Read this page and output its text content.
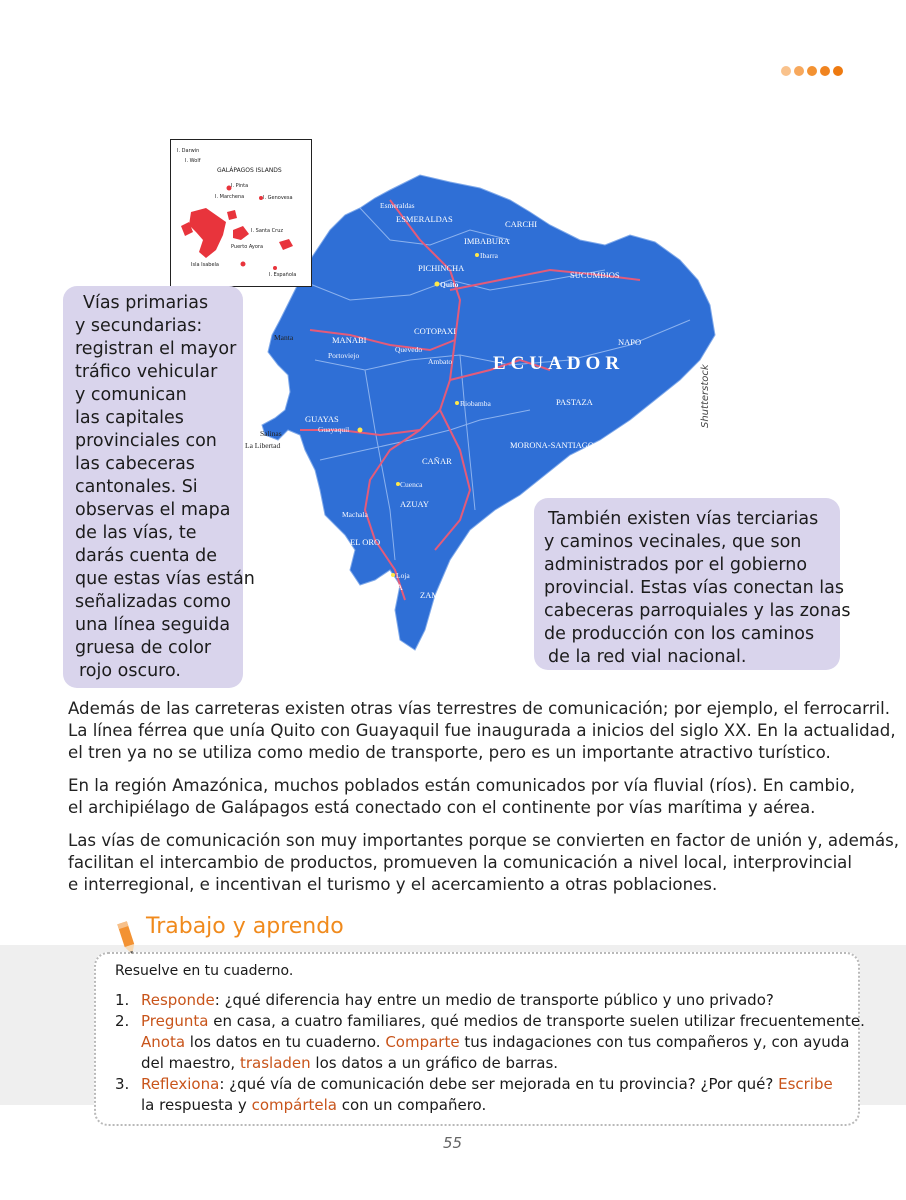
ECUADOR
ESMERALDAS	CARCHI
IMBABURA
PICHINCHA
SUCUMBIOS
MANABI
COTOPAXI
NAPO
PASTAZA
GUAYAS
MORONA-SANTIAGO
CAÑAR
AZUAY
EL ORO
LOJA
ZAMORA CHINCHIPE
Quito
Ibarra
Esmeraldas
Portoviejo
Quevedo
Ambato
Riobamba
Guayaquil
Cuenca
Machala
Loja
Manta
Salinas
La Libertad
Shutterstock
GALÁPAGOS ISLANDS
I. Darwin
I. Wolf
I. Pinta
I. Marchena	I. Genovesa
I. Santa Cruz
Puerto Ayora
Isla Isabela
I. Española
Vías primarias
y secundarias:
registran el mayor
tráfico vehicular
y comunican
las capitales
provinciales con
las cabeceras
cantonales. Si
observas el mapa
de las vías, te
darás cuenta de
que estas vías están
señalizadas como
una línea seguida
gruesa de color
rojo oscuro.
También existen vías terciarias
y caminos vecinales, que son
administrados por el gobierno
provincial. Estas vías conectan las
cabeceras parroquiales y las zonas
de producción con los caminos
de la red vial nacional.
Además de las carreteras existen otras vías terrestres de comunicación; por ejemplo, el ferrocarril.
La línea férrea que unía Quito con Guayaquil fue inaugurada a inicios del siglo XX. En la actualidad,
el tren ya no se utiliza como medio de transporte, pero es un importante atractivo turístico.
En la región Amazónica, muchos poblados están comunicados por vía fluvial (ríos). En cambio,
el archipiélago de Galápagos está conectado con el continente por vías marítima y aérea.
Las vías de comunicación son muy importantes porque se convierten en factor de unión y, además,
facilitan el intercambio de productos, promueven la comunicación a nivel local, interprovincial
e interregional, e incentivan el turismo y el acercamiento a otras poblaciones.
Trabajo y aprendo
Resuelve en tu cuaderno.
1. Responde: ¿qué diferencia hay entre un medio de transporte público y uno privado?
2. Pregunta en casa, a cuatro familiares, qué medios de transporte suelen utilizar frecuentemente.
Anota los datos en tu cuaderno. Comparte tus indagaciones con tus compañeros y, con ayuda
del maestro, trasladen los datos a un gráfico de barras.
3. Reflexiona: ¿qué vía de comunicación debe ser mejorada en tu provincia? ¿Por qué? Escribe
la respuesta y compártela con un compañero.
55
